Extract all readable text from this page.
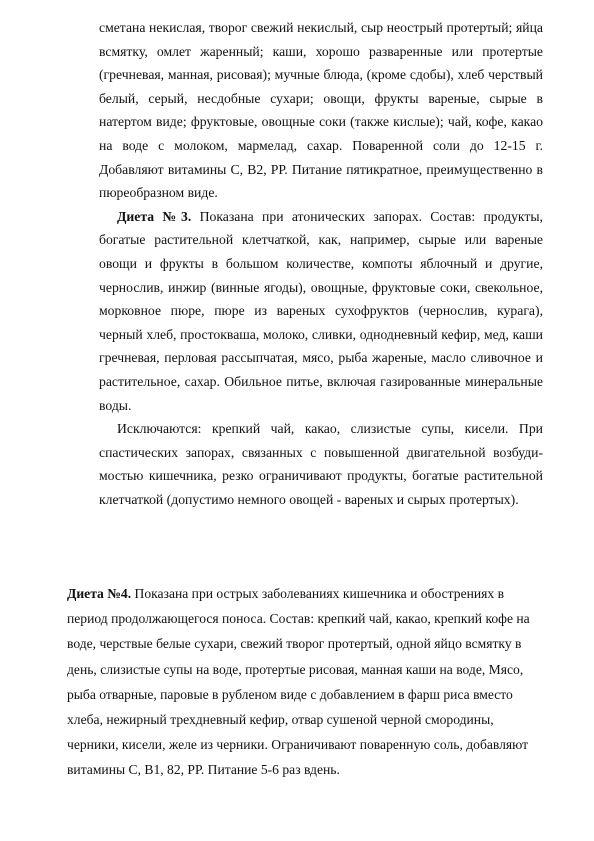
сметана некислая, творог свежий некислый, сыр неострый протертый; яйца всмятку, омлет жаренный; каши, хорошо разваренные или протертые (гречневая, манная, рисовая); мучные блюда, (кроме сдобы), хлеб черствый белый, серый, несдобные сухари; овощи, фрукты вареные, сырые в натертом виде; фруктовые, овощные соки (также кислые); чай, кофе, какао на воде с молоком, мармелад, сахар. Поваренной соли до 12-15 г. Добавляют витамины С, В2, РР. Питание пятикратное, преимущественно в пюреобразном виде.

Диета №3. Показана при атонических запорах. Состав: продукты, богатые растительной клетчаткой, как, например, сырые или вареные овощи и фрукты в большом количестве, компоты яблочный и другие, чернослив, инжир (винные ягоды), овощные, фруктовые соки, свекольное, морковное пюре, пюре из вареных сухофруктов (чернослив, курага), черный хлеб, простокваша, молоко, сливки, однодневный кефир, мед, каши гречневая, перловая рассыпчатая, мясо, рыба жареные, масло сливочное и растительное, сахар. Обильное питье, включая газированные минеральные воды.

Исключаются: крепкий чай, какао, слизистые супы, кисели. При спастических запорах, связанных с повышенной двигательной возбуди-мостью кишечника, резко ограничивают продукты, богатые растительной клетчаткой (допустимо немного овощей - вареных и сырых протертых).

Диета №4. Показана при острых заболеваниях кишечника и обострениях в период продолжающегося поноса. Состав: крепкий чай, какао, крепкий кофе на воде, черствые белые сухари, свежий творог протертый, одной яйцо всмятку в день, слизистые супы на воде, протертые рисовая, манная каши на воде, Мясо, рыба отварные, паровые в рубленом виде с добавлением в фарш риса вместо хлеба, нежирный трехдневный кефир, отвар сушеной черной смородины, черники, кисели, желе из черники. Ограничивают поваренную соль, добавляют витамины С, В1, 82, РР. Питание 5-6 раз вдень.
